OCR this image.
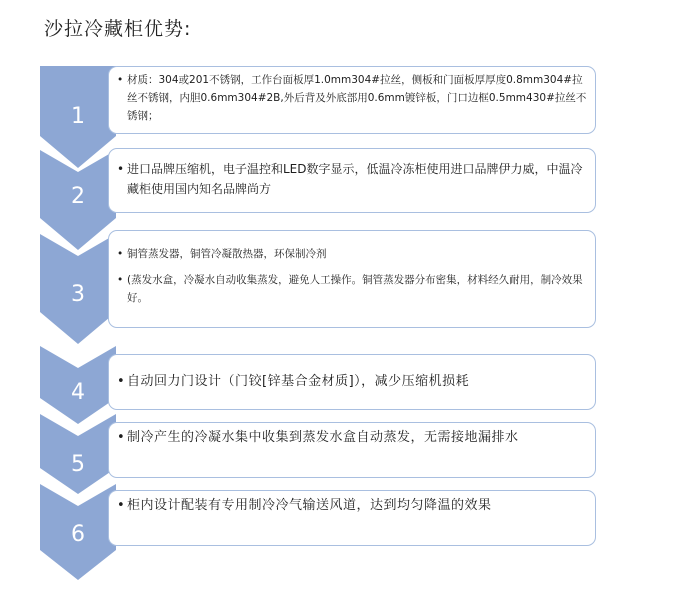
沙拉冷藏柜优势:
1
• 材质：304或201不锈钢，工作台面板厚1.0mm304#拉丝，侧板和门面板厚厚度0.8mm304#拉丝不锈钢，内胆0.6mm304#2B,外后背及外底部用0.6mm镀锌板，门口边框0.5mm430#拉丝不锈钢；
2
• 进口品牌压缩机，电子温控和LED数字显示，低温冷冻柜使用进口品牌伊力威，中温冷藏柜使用国内知名品牌尚方
3
• 铜管蒸发器，铜管冷凝散热器，环保制冷剂
• (蒸发水盒，冷凝水自动收集蒸发，避免人工操作。铜管蒸发器分布密集，材料经久耐用，制冷效果好。
4	• 自动回力门设计（门铰[锌基合金材质]），减少压缩机损耗
5
• 制冷产生的冷凝水集中收集到蒸发水盒自动蒸发，无需接地漏排水
6
• 柜内设计配装有专用制冷冷气输送风道，达到均匀降温的效果
